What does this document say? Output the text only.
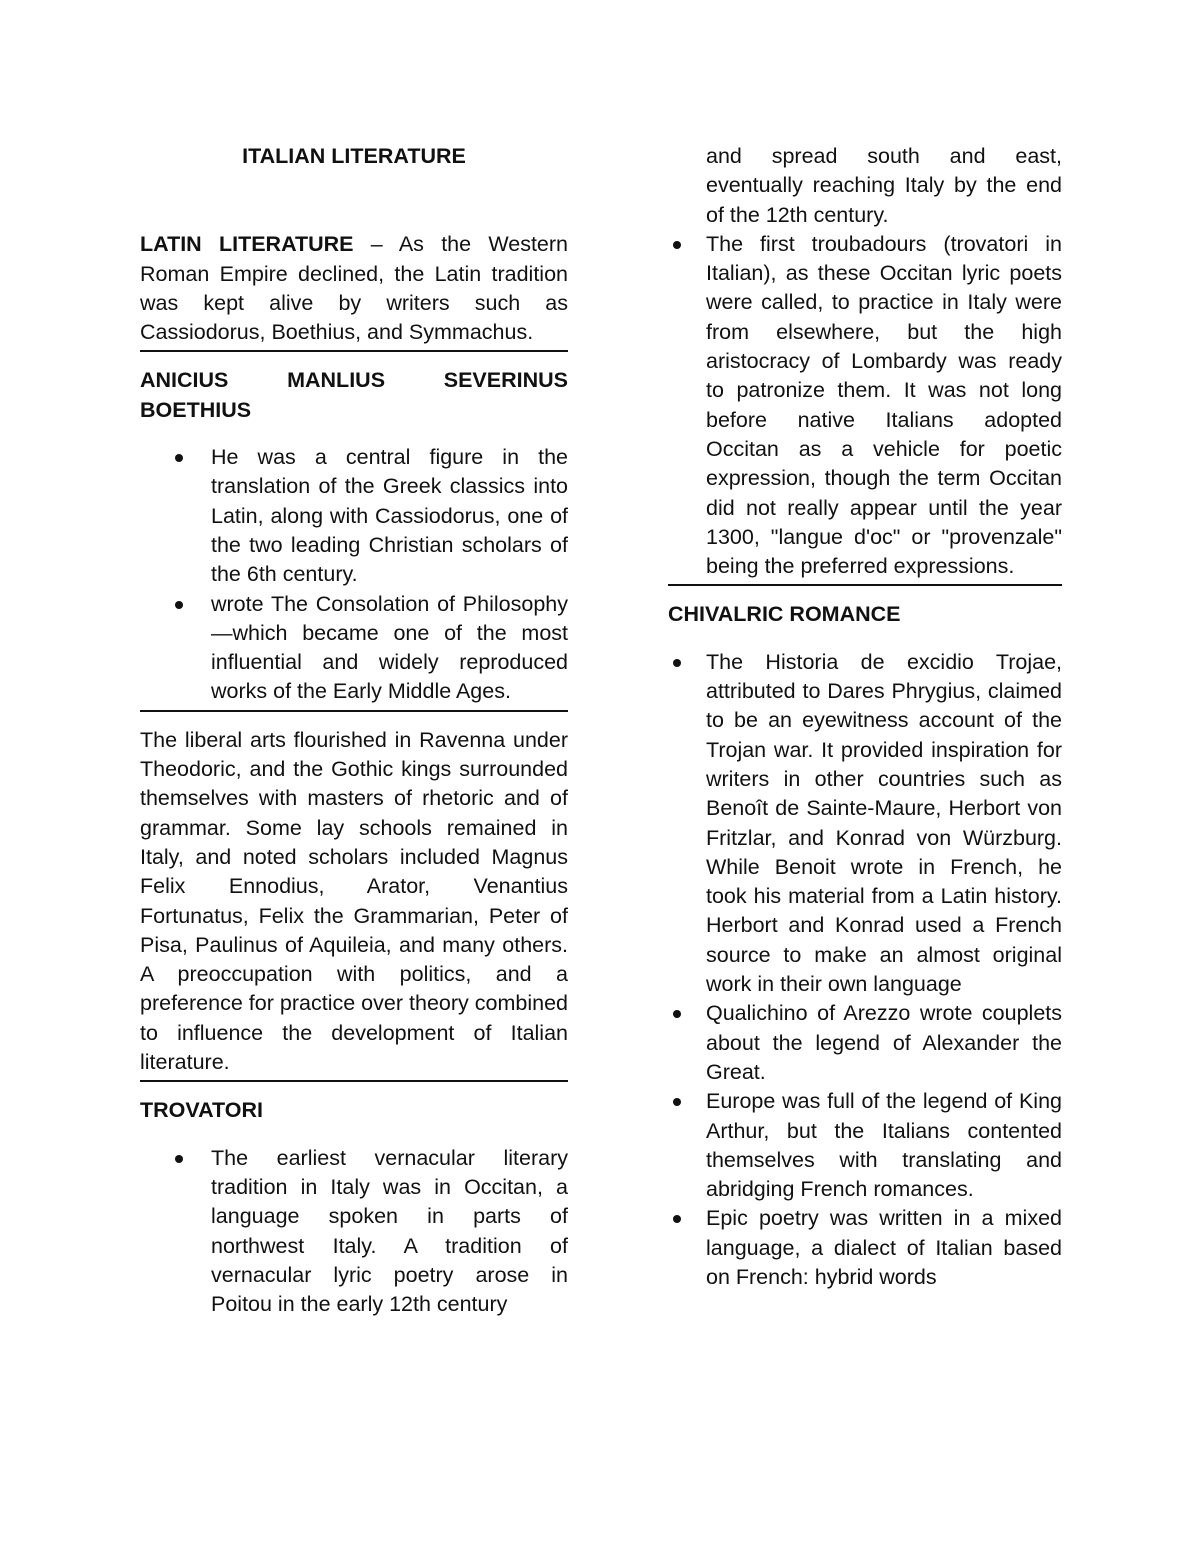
ITALIAN LITERATURE

LATIN LITERATURE – As the Western Roman Empire declined, the Latin tradition was kept alive by writers such as Cassiodorus, Boethius, and Symmachus.

ANICIUS MANLIUS SEVERINUS BOETHIUS
He was a central figure in the translation of the Greek classics into Latin, along with Cassiodorus, one of the two leading Christian scholars of the 6th century.
wrote The Consolation of Philosophy—which became one of the most influential and widely reproduced works of the Early Middle Ages.

The liberal arts flourished in Ravenna under Theodoric, and the Gothic kings surrounded themselves with masters of rhetoric and of grammar. Some lay schools remained in Italy, and noted scholars included Magnus Felix Ennodius, Arator, Venantius Fortunatus, Felix the Grammarian, Peter of Pisa, Paulinus of Aquileia, and many others. A preoccupation with politics, and a preference for practice over theory combined to influence the development of Italian literature.

TROVATORI
The earliest vernacular literary tradition in Italy was in Occitan, a language spoken in parts of northwest Italy. A tradition of vernacular lyric poetry arose in Poitou in the early 12th century

and spread south and east, eventually reaching Italy by the end of the 12th century.

The first troubadours (trovatori in Italian), as these Occitan lyric poets were called, to practice in Italy were from elsewhere, but the high aristocracy of Lombardy was ready to patronize them. It was not long before native Italians adopted Occitan as a vehicle for poetic expression, though the term Occitan did not really appear until the year 1300, "langue d'oc" or "provenzale" being the preferred expressions.
CHIVALRIC ROMANCE
The Historia de excidio Trojae, attributed to Dares Phrygius, claimed to be an eyewitness account of the Trojan war. It provided inspiration for writers in other countries such as Benoît de Sainte-Maure, Herbort von Fritzlar, and Konrad von Würzburg. While Benoit wrote in French, he took his material from a Latin history. Herbort and Konrad used a French source to make an almost original work in their own language
Qualichino of Arezzo wrote couplets about the legend of Alexander the Great.
Europe was full of the legend of King Arthur, but the Italians contented themselves with translating and abridging French romances.
Epic poetry was written in a mixed language, a dialect of Italian based on French: hybrid words
